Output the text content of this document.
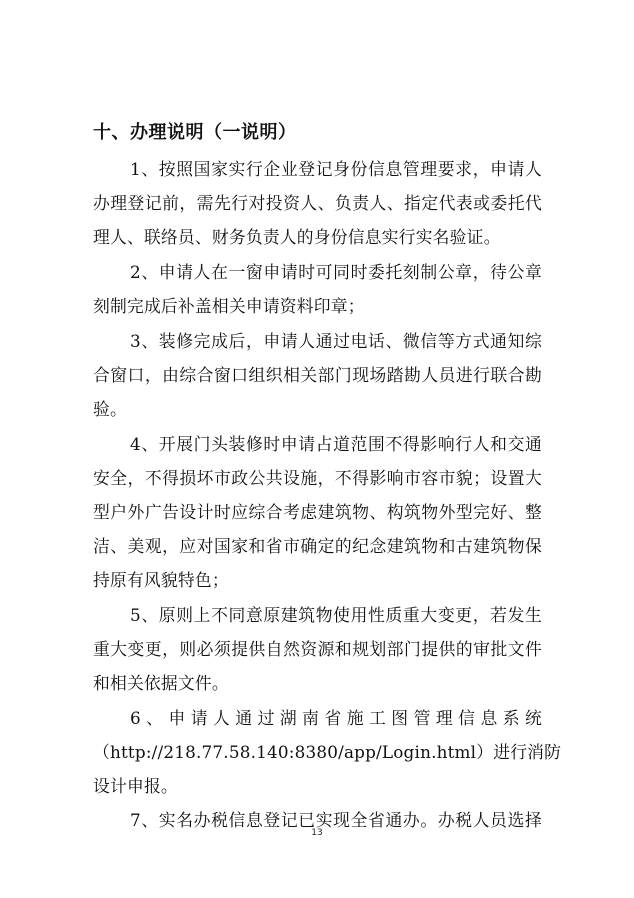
十、办理说明（一说明）
1、按照国家实行企业登记身份信息管理要求，申请人
办理登记前，需先行对投资人、负责人、指定代表或委托代
理人、联络员、财务负责人的身份信息实行实名验证。
2、申请人在一窗申请时可同时委托刻制公章，待公章
刻制完成后补盖相关申请资料印章；
3、装修完成后，申请人通过电话、微信等方式通知综
合窗口，由综合窗口组织相关部门现场踏勘人员进行联合勘
验。
4、开展门头装修时申请占道范围不得影响行人和交通
安全，不得损坏市政公共设施，不得影响市容市貌；设置大
型户外广告设计时应综合考虑建筑物、构筑物外型完好、整
洁、美观，应对国家和省市确定的纪念建筑物和古建筑物保
持原有风貌特色；
5、原则上不同意原建筑物使用性质重大变更，若发生
重大变更，则必须提供自然资源和规划部门提供的审批文件
和相关依据文件。
6、申请人通过湖南省施工图管理信息系统
（http://218.77.58.140:8380/app/Login.html）进行消防
设计申报。
7、实名办税信息登记已实现全省通办。办税人员选择
13
